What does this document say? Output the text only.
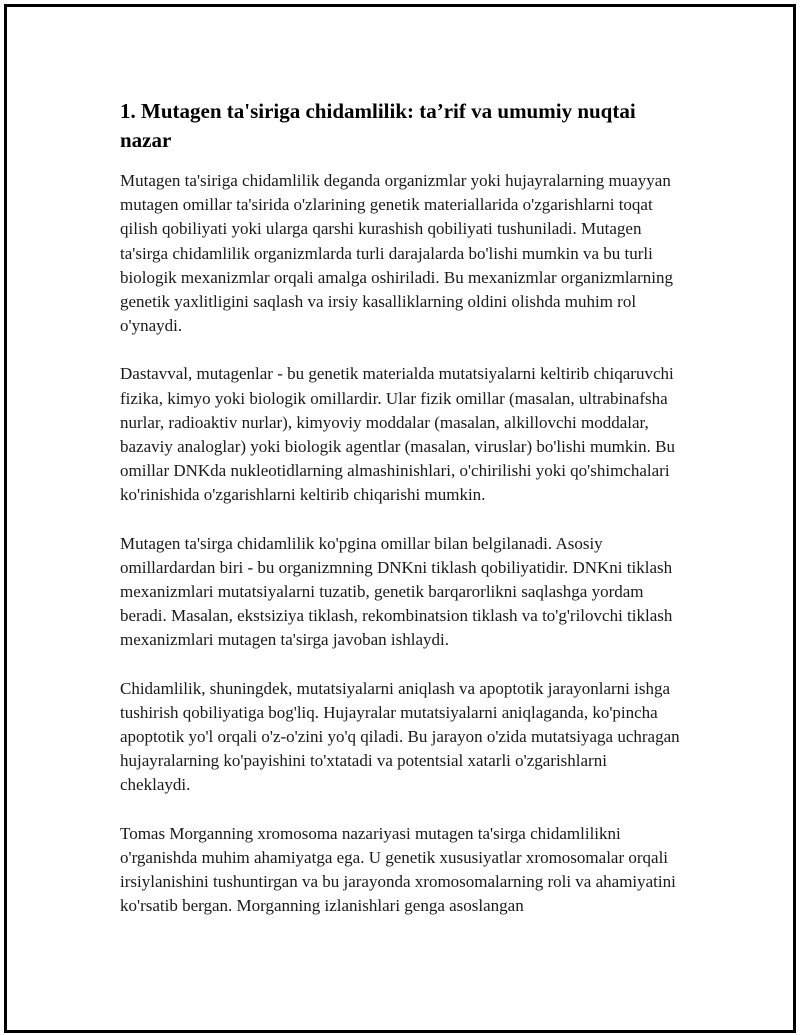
1. Mutagen ta'siriga chidamlilik: ta’rif va umumiy nuqtai nazar

Mutagen ta'siriga chidamlilik deganda organizmlar yoki hujayralarning muayyan mutagen omillar ta'sirida o'zlarining genetik materiallarida o'zgarishlarni toqat qilish qobiliyati yoki ularga qarshi kurashish qobiliyati tushuniladi. Mutagen ta'sirga chidamlilik organizmlarda turli darajalarda bo'lishi mumkin va bu turli biologik mexanizmlar orqali amalga oshiriladi. Bu mexanizmlar organizmlarning genetik yaxlitligini saqlash va irsiy kasalliklarning oldini olishda muhim rol o'ynaydi.

Dastavval, mutagenlar - bu genetik materialda mutatsiyalarni keltirib chiqaruvchi fizika, kimyo yoki biologik omillardir. Ular fizik omillar (masalan, ultrabinafsha nurlar, radioaktiv nurlar), kimyoviy moddalar (masalan, alkillovchi moddalar, bazaviy analoglar) yoki biologik agentlar (masalan, viruslar) bo'lishi mumkin. Bu omillar DNKda nukleotidlarning almashinishlari, o'chirilishi yoki qo'shimchalari ko'rinishida o'zgarishlarni keltirib chiqarishi mumkin.

Mutagen ta'sirga chidamlilik ko'pgina omillar bilan belgilanadi. Asosiy omillardardan biri - bu organizmning DNKni tiklash qobiliyatidir. DNKni tiklash mexanizmlari mutatsiyalarni tuzatib, genetik barqarorlikni saqlashga yordam beradi. Masalan, ekstsiziya tiklash, rekombinatsion tiklash va to'g'rilovchi tiklash mexanizmlari mutagen ta'sirga javoban ishlaydi.

Chidamlilik, shuningdek, mutatsiyalarni aniqlash va apoptotik jarayonlarni ishga tushirish qobiliyatiga bog'liq. Hujayralar mutatsiyalarni aniqlaganda, ko'pincha apoptotik yo'l orqali o'z-o'zini yo'q qiladi. Bu jarayon o'zida mutatsiyaga uchragan hujayralarning ko'payishini to'xtatadi va potentsial xatarli o'zgarishlarni cheklaydi.

Tomas Morganning xromosoma nazariyasi mutagen ta'sirga chidamlilikni o'rganishda muhim ahamiyatga ega. U genetik xususiyatlar xromosomalar orqali irsiylanishini tushuntirgan va bu jarayonda xromosomalarning roli va ahamiyatini ko'rsatib bergan. Morganning izlanishlari genga asoslangan
